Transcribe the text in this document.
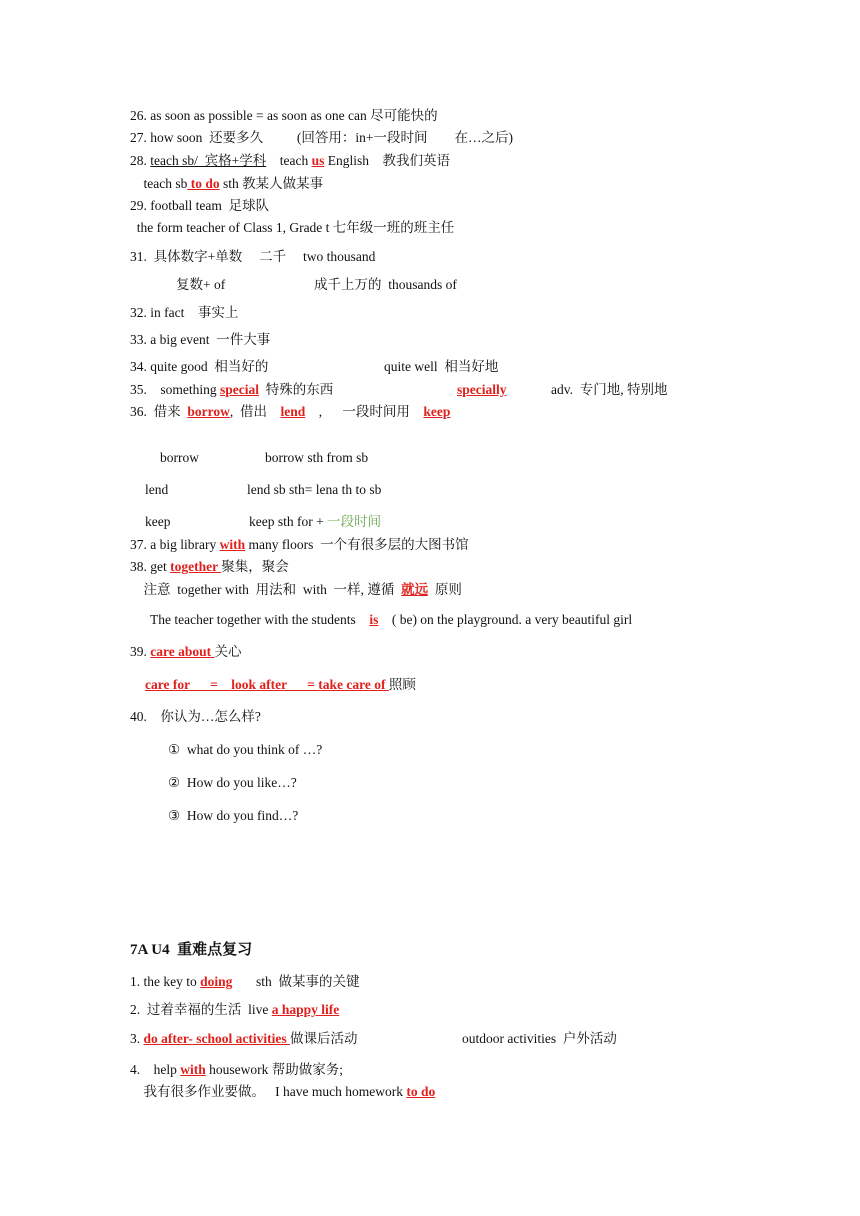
26. as soon as possible = as soon as one can 尽可能快的
27. how soon  还要多久          (回答用：in+一段时间        在…之后)
28. teach sb/  宾格+学科    teach us English    教我们英语
teach sb to do sth 教某人做某事
29. football team  足球队
the form teacher of Class 1, Grade t 七年级一班的班主任
31.  具体数字+单数     二千     two thousand
复数+ of	成千上万的  thousands of
32. in fact    事实上
33. a big event  一件大事
34. quite good  相当好的	quite well  相当好地
35.    something special  特殊的东西	specially	adv.  专门地, 特别地
36.  借来  borrow,  借出    lend    ,      一段时间用    keep
borrow	borrow sth from sb
lend	lend sb sth= lena th to sb
keep	keep sth for + 一段时间
37. a big library with many floors  一个有很多层的大图书馆
38. get together 聚集，聚会
注意  together with  用法和  with  一样, 遵循  就远  原则
The teacher together with the students    is    ( be) on the playground. a very beautiful girl
39. care about 关心
care for      =    look after      = take care of 照顾
40.    你认为…怎么样?
①  what do you think of …?
②  How do you like…?
③  How do you find…?
7A U4  重难点复习
1. the key to doing       sth  做某事的关键
2.  过着幸福的生活  live a happy life
3. do after- school activities 做课后活动	outdoor activities  户外活动
4.    help with housework 帮助做家务;
我有很多作业要做。   I have much homework to do
